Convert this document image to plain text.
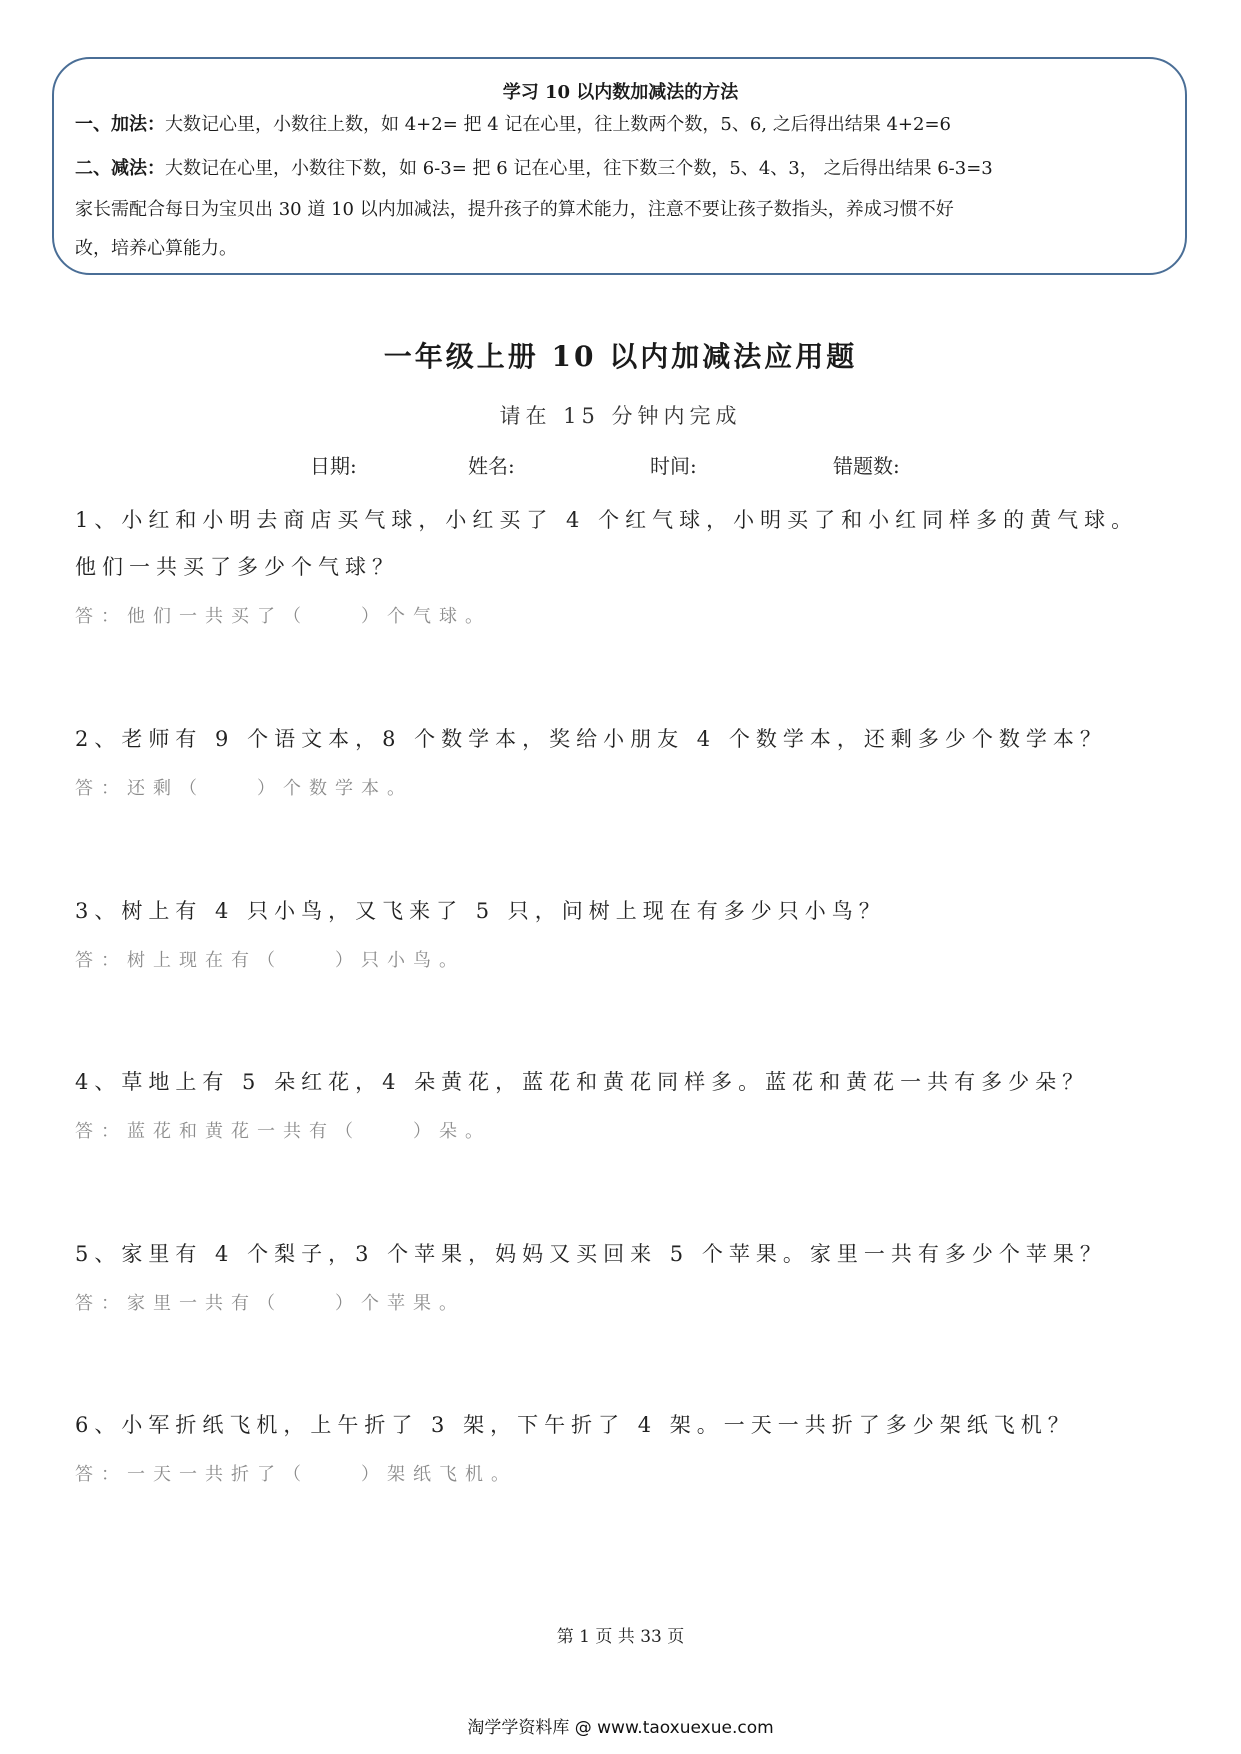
学习 10 以内数加减法的方法
一、加法：大数记心里，小数往上数，如 4+2= 把 4 记在心里，往上数两个数，5、6, 之后得出结果 4+2=6
二、减法：大数记在心里，小数往下数，如 6-3= 把 6 记在心里，往下数三个数，5、4、3， 之后得出结果 6-3=3
家长需配合每日为宝贝出 30 道 10 以内加减法，提升孩子的算术能力，注意不要让孩子数指头，养成习惯不好
改，培养心算能力。
一年级上册 10 以内加减法应用题
请在 15 分钟内完成
日期:	姓名:	时间:	错题数:
1、小红和小明去商店买气球，小红买了 4 个红气球，小明买了和小红同样多的黄气球。
他们一共买了多少个气球？
答：他们一共买了（　　）个气球。
2、老师有 9 个语文本，8 个数学本，奖给小朋友 4 个数学本，还剩多少个数学本？
答：还剩（　　）个数学本。
3、树上有 4 只小鸟，又飞来了 5 只，问树上现在有多少只小鸟？
答：树上现在有（　　）只小鸟。
4、草地上有 5 朵红花，4 朵黄花，蓝花和黄花同样多。蓝花和黄花一共有多少朵？
答：蓝花和黄花一共有（　　）朵。
5、家里有 4 个梨子，3 个苹果，妈妈又买回来 5 个苹果。家里一共有多少个苹果？
答：家里一共有（　　）个苹果。
6、小军折纸飞机，上午折了 3 架，下午折了 4 架。一天一共折了多少架纸飞机？
答：一天一共折了（　　）架纸飞机。
第 1 页 共 33 页
淘学学资料库 @ www.taoxuexue.com
